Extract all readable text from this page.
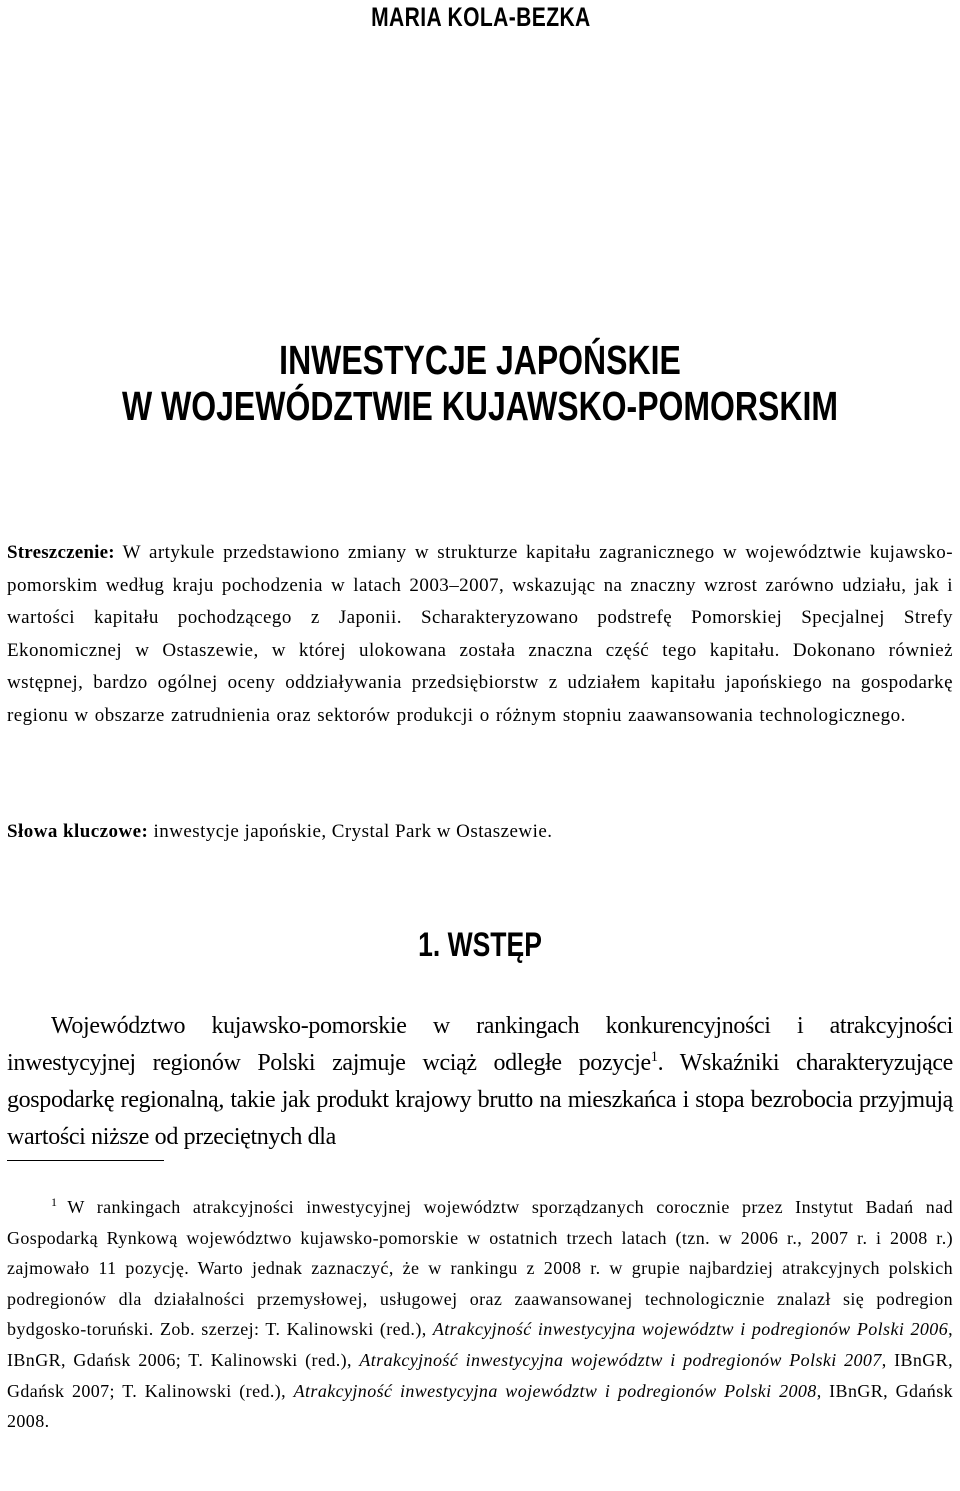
MARIA KOLA-BEZKA
INWESTYCJE JAPOŃSKIE
W WOJEWÓDZTWIE KUJAWSKO-POMORSKIM

Streszczenie: W artykule przedstawiono zmiany w strukturze kapitału zagranicznego w województwie kujawsko-pomorskim według kraju pochodzenia w latach 2003–2007, wskazując na znaczny wzrost zarówno udziału, jak i wartości kapitału pochodzącego z Japonii. Scharakteryzowano podstrefę Pomorskiej Specjalnej Strefy Ekonomicznej w Ostaszewie, w której ulokowana została znaczna część tego kapitału. Dokonano również wstępnej, bardzo ogólnej oceny oddziaływania przedsiębiorstw z udziałem kapitału japońskiego na gospodarkę regionu w obszarze zatrudnienia oraz sektorów produkcji o różnym stopniu zaawansowania technologicznego.

Słowa kluczowe: inwestycje japońskie, Crystal Park w Ostaszewie.

1. WSTĘP

Województwo kujawsko-pomorskie w rankingach konkurencyjności i atrakcyjności inwestycyjnej regionów Polski zajmuje wciąż odległe pozycje$^1$. Wskaźniki charakteryzujące gospodarkę regionalną, takie jak produkt krajowy brutto na mieszkańca i stopa bezrobocia przyjmują wartości niższe od przeciętnych dla

$^1$ W rankingach atrakcyjności inwestycyjnej województw sporządzanych corocznie przez Instytut Badań nad Gospodarką Rynkową województwo kujawsko-pomorskie w ostatnich trzech latach (tzn. w 2006 r., 2007 r. i 2008 r.) zajmowało 11 pozycję. Warto jednak zaznaczyć, że w rankingu z 2008 r. w grupie najbardziej atrakcyjnych polskich podregionów dla działalności przemysłowej, usługowej oraz zaawansowanej technologicznie znalazł się podregion bydgosko-toruński. Zob. szerzej: T. Kalinowski (red.), Atrakcyjność inwestycyjna województw i podregionów Polski 2006, IBnGR, Gdańsk 2006; T. Kalinowski (red.), Atrakcyjność inwestycyjna województw i podregionów Polski 2007, IBnGR, Gdańsk 2007; T. Kalinowski (red.), Atrakcyjność inwestycyjna województw i podregionów Polski 2008, IBnGR, Gdańsk 2008.
